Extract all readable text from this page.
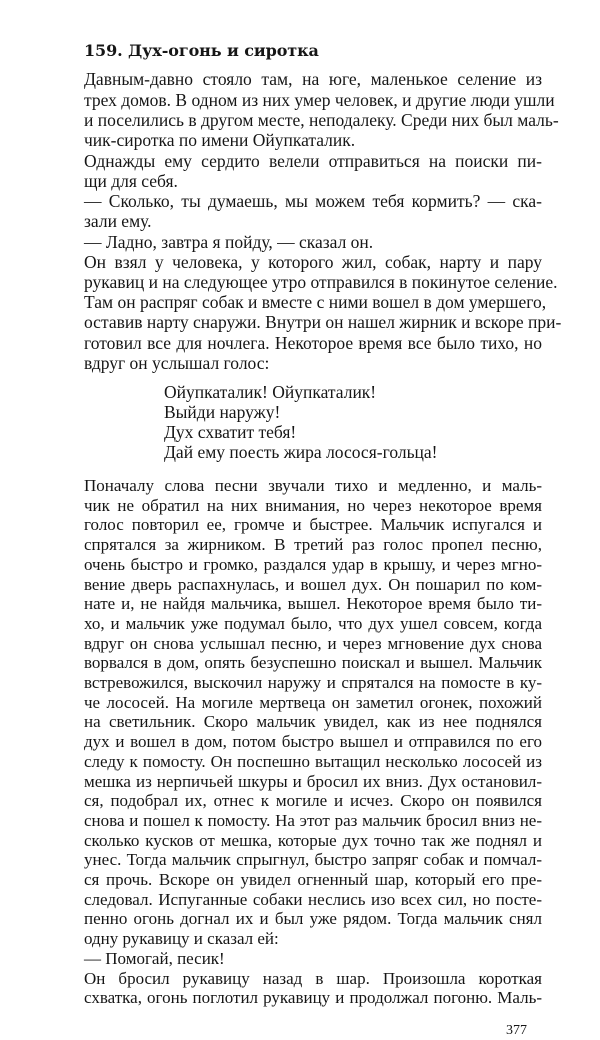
159. Дух-огонь и сиротка
Давным-давно стояло там, на юге, маленькое селение из
трех домов. В одном из них умер человек, и другие люди ушли
и поселились в другом месте, неподалеку. Среди них был маль-
чик-сиротка по имени Ойупкаталик.
Однажды ему сердито велели отправиться на поиски пи-
щи для себя.
— Сколько, ты думаешь, мы можем тебя кормить? — ска-
зали ему.
— Ладно, завтра я пойду, — сказал он.
Он взял у человека, у которого жил, собак, нарту и пару
рукавиц и на следующее утро отправился в покинутое селение.
Там он распряг собак и вместе с ними вошел в дом умершего,
оставив нарту снаружи. Внутри он нашел жирник и вскоре при-
готовил все для ночлега. Некоторое время все было тихо, но
вдруг он услышал голос:
Ойупкаталик! Ойупкаталик!
Выйди наружу!
Дух схватит тебя!
Дай ему поесть жира лосося-гольца!
Поначалу слова песни звучали тихо и медленно, и маль-
чик не обратил на них внимания, но через некоторое время
голос повторил ее, громче и быстрее. Мальчик испугался и
спрятался за жирником. В третий раз голос пропел песню,
очень быстро и громко, раздался удар в крышу, и через мгно-
вение дверь распахнулась, и вошел дух. Он пошарил по ком-
нате и, не найдя мальчика, вышел. Некоторое время было ти-
хо, и мальчик уже подумал было, что дух ушел совсем, когда
вдруг он снова услышал песню, и через мгновение дух снова
ворвался в дом, опять безуспешно поискал и вышел. Мальчик
встревожился, выскочил наружу и спрятался на помосте в ку-
че лососей. На могиле мертвеца он заметил огонек, похожий
на светильник. Скоро мальчик увидел, как из нее поднялся
дух и вошел в дом, потом быстро вышел и отправился по его
следу к помосту. Он поспешно вытащил несколько лососей из
мешка из нерпичьей шкуры и бросил их вниз. Дух остановил-
ся, подобрал их, отнес к могиле и исчез. Скоро он появился
снова и пошел к помосту. На этот раз мальчик бросил вниз не-
сколько кусков от мешка, которые дух точно так же поднял и
унес. Тогда мальчик спрыгнул, быстро запряг собак и помчал-
ся прочь. Вскоре он увидел огненный шар, который его пре-
следовал. Испуганные собаки неслись изо всех сил, но посте-
пенно огонь догнал их и был уже рядом. Тогда мальчик снял
одну рукавицу и сказал ей:
— Помогай, песик!
Он бросил рукавицу назад в шар. Произошла короткая
схватка, огонь поглотил рукавицу и продолжал погоню. Маль-
377
